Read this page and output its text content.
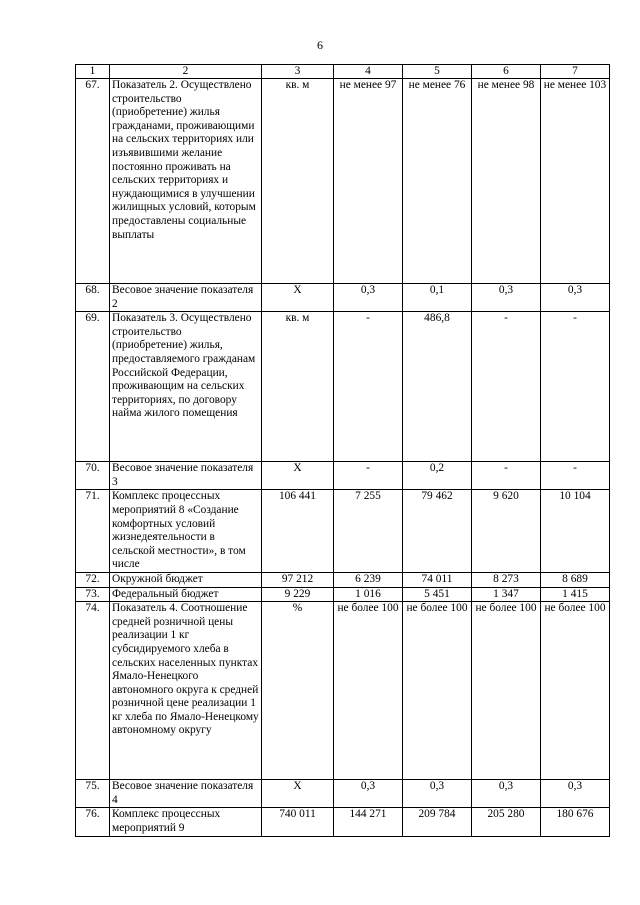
6
1	2	3	4	5	6	7
67.	Показатель 2. Осуществлено строительство (приобретение) жилья гражданами, проживающими на сельских территориях или изъявившими желание постоянно проживать на сельских территориях и нуждающимися в улучшении жилищных условий, которым предоставлены социальные выплаты	кв. м	не менее 97	не менее 76	не менее 98	не менее 103
68.	Весовое значение показателя 2	Х	0,3	0,1	0,3	0,3
69.	Показатель 3. Осуществлено строительство (приобретение) жилья, предоставляемого гражданам Российской Федерации, проживающим на сельских территориях, по договору найма жилого помещения	кв. м	-	486,8	-	-
70.	Весовое значение показателя 3	Х	-	0,2	-	-
71.	Комплекс процессных мероприятий 8 «Создание комфортных условий жизнедеятельности в сельской местности», в том числе	106 441	7 255	79 462	9 620	10 104
72.	Окружной бюджет	97 212	6 239	74 011	8 273	8 689
73.	Федеральный бюджет	9 229	1 016	5 451	1 347	1 415
74.	Показатель 4. Соотношение средней розничной цены реализации 1 кг субсидируемого хлеба в сельских населенных пунктах Ямало-Ненецкого автономного округа к средней розничной цене реализации 1 кг хлеба по Ямало-Ненецкому автономному округу	%	не более 100	не более 100	не более 100	не более 100
75.	Весовое значение показателя 4	Х	0,3	0,3	0,3	0,3
76.	Комплекс процессных мероприятий 9	740 011	144 271	209 784	205 280	180 676
